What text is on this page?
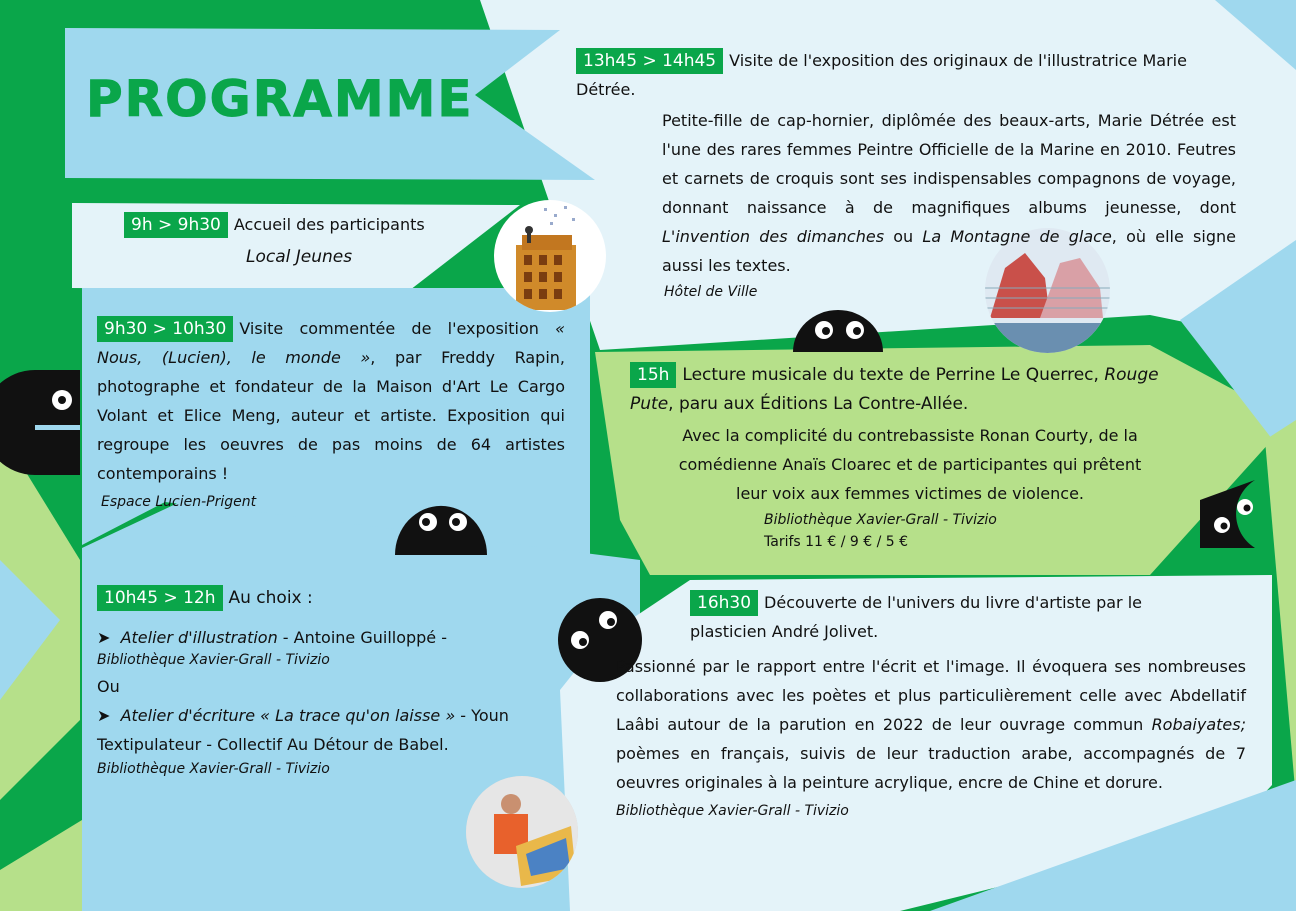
PROGRAMME
9h > 9h30 Accueil des participants
Local Jeunes
9h30 > 10h30 Visite commentée de l'exposition « Nous, (Lucien), le monde », par Freddy Rapin, photographe et fondateur de la Maison d'Art Le Cargo Volant et Elice Meng, auteur et artiste. Exposition qui regroupe les oeuvres de pas moins de 64 artistes contemporains !
Espace Lucien-Prigent
10h45 > 12h Au choix :
➤  Atelier d'illustration - Antoine Guilloppé -
Bibliothèque Xavier-Grall - Tivizio
Ou
➤  Atelier d'écriture « La trace qu'on laisse » - Youn Textipulateur - Collectif Au Détour de Babel.
Bibliothèque Xavier-Grall - Tivizio
13h45 > 14h45 Visite de l'exposition des originaux de l'illustratrice Marie Détrée.
Petite-fille de cap-hornier, diplômée des beaux-arts, Marie Détrée est l'une des rares femmes Peintre Officielle de la Marine en 2010. Feutres et carnets de croquis sont ses indispensables compagnons de voyage, donnant naissance à de magnifiques albums jeunesse, dont L'invention des dimanches ou La Montagne de glace, où elle signe aussi les textes.
Hôtel de Ville
15h Lecture musicale du texte de Perrine Le Querrec, Rouge Pute, paru aux Éditions La Contre-Allée.
Avec la complicité du contrebassiste Ronan Courty, de la comédienne Anaïs Cloarec et de participantes qui prêtent leur voix aux femmes victimes de violence.
Bibliothèque Xavier-Grall - Tivizio
Tarifs 11 € / 9 € / 5 €
16h30 Découverte de l'univers du livre d'artiste par le plasticien André Jolivet.
Passionné par le rapport entre l'écrit et l'image. Il évoquera ses nombreuses collaborations avec les poètes et plus particulièrement celle avec Abdellatif Laâbi autour de la parution en 2022 de leur ouvrage commun Robaiyates; poèmes en français, suivis de leur traduction arabe, accompagnés de 7 oeuvres originales à la peinture acrylique, encre de Chine et dorure.
Bibliothèque Xavier-Grall - Tivizio
